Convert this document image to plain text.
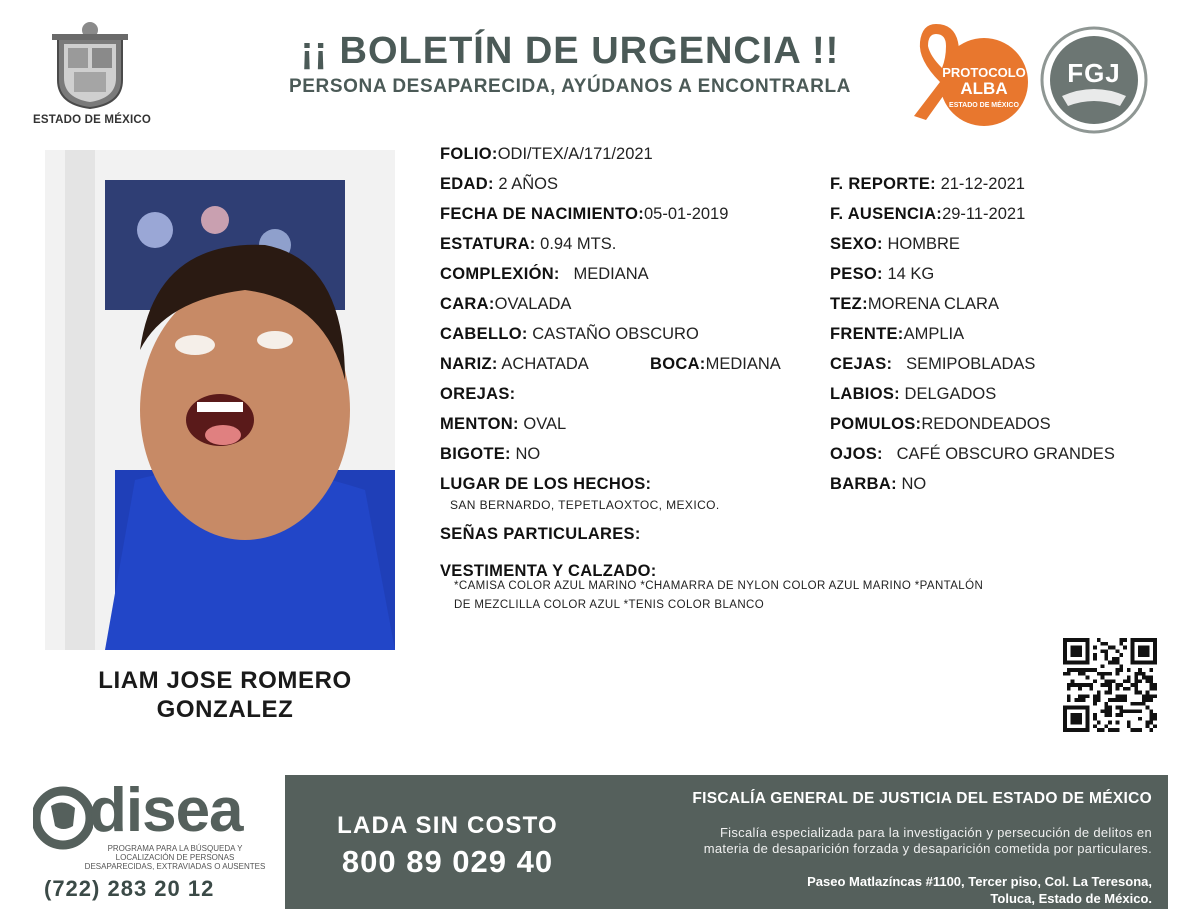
ESTADO DE MÉXICO
¡¡ BOLETÍN DE URGENCIA !!
PERSONA DESAPARECIDA, AYÚDANOS A ENCONTRARLA
PROTOCOLO
ALBA
ESTADO DE MÉXICO
FGJ
LIAM JOSE ROMERO
GONZALEZ
FOLIO:ODI/TEX/A/171/2021
EDAD: 2 AÑOS
FECHA DE NACIMIENTO:05-01-2019
ESTATURA: 0.94 MTS.
COMPLEXIÓN: MEDIANA
CARA:OVALADA
CABELLO: CASTAÑO OBSCURO
NARIZ: ACHATADA	BOCA:MEDIANA
OREJAS:
MENTON: OVAL
BIGOTE: NO
LUGAR DE LOS HECHOS:
SAN BERNARDO, TEPETLAOXTOC, MEXICO.
SEÑAS PARTICULARES:
VESTIMENTA Y CALZADO:
*CAMISA COLOR AZUL MARINO *CHAMARRA DE NYLON COLOR AZUL MARINO *PANTALÓN
DE MEZCLILLA COLOR AZUL *TENIS COLOR BLANCO
F. REPORTE: 21-12-2021
F. AUSENCIA:29-11-2021
SEXO: HOMBRE
PESO: 14 KG
TEZ:MORENA CLARA
FRENTE:AMPLIA
CEJAS: SEMIPOBLADAS
LABIOS: DELGADOS
POMULOS:REDONDEADOS
OJOS: CAFÉ OBSCURO GRANDES
BARBA: NO
disea
PROGRAMA PARA LA BÚSQUEDA Y LOCALIZACIÓN DE PERSONAS DESAPARECIDAS, EXTRAVIADAS O AUSENTES
(722) 283 20 12
LADA SIN COSTO
800 89 029 40
FISCALÍA GENERAL DE JUSTICIA DEL ESTADO DE MÉXICO
Fiscalía especializada para la investigación y persecución de delitos en
materia de desaparición forzada y desaparición cometida por particulares.
Paseo Matlazíncas #1100, Tercer piso, Col. La Teresona,
Toluca, Estado de México.
